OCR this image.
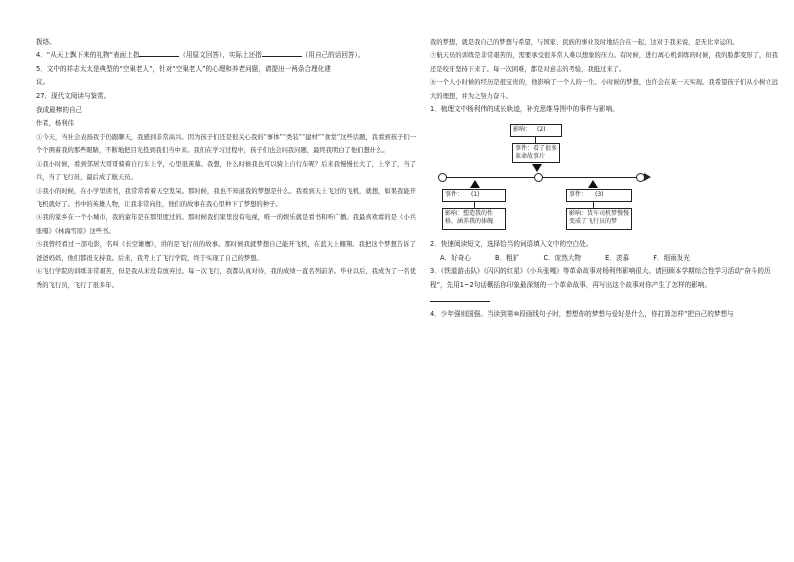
拨络。

4．“从天上飘下来的礼物”表面上指	（用原文回答），实际上还指	（用自己的话回答）。

5．文中的祥志太太是典型的“空巢老人”，针对“空巢老人”的心理和养老问题，请提出一两条合理化建

议。

27、现代文阅读与鉴赏。

我成最棒的自己

作者，杨利伟

①今天，当社会表扬我于仍跟聊天，我感到非常高兴。因为孩子们还是很关心我的“事体”“类装”“建材”“食堂”这些话题，我看到孩子们一个个围着我的那些眼睛，不断地把目光投到我们当中来。我们在学习过程中，孩子们也会问我问题，最终我明白了他们想什么。

②我小时候，看到邻居大哥哥骑着自行车上学，心里很羡慕。我想，什么时候我也可以骑上自行车呢？后来我慢慢长大了，上学了，当了兵，当了飞行员，最后成了航天员。

③我小的时候，在小学里读书，我常常看着天空发呆。那时候，我也不知道我的梦想是什么。我看到天上飞过的飞机，就想，如果我能开飞机就好了。书中的英雄人物，让我非常向往，他们的故事在我心里种下了梦想的种子。

④我的家乡在一个小城市，我的童年是在那里度过的。那时候我们家里没有电视，唯一的娱乐就是看书和听广播。我最喜欢看的是《小兵张嘎》《林海雪原》这些书。

⑤我曾经看过一部电影，名叫《长空雄鹰》，讲的是飞行员的故事。那时候我就梦想自己能开飞机，在蓝天上翱翔。我把这个梦想告诉了爸爸妈妈，他们都很支持我。后来，我考上了飞行学院，终于实现了自己的梦想。

⑥飞行学院的训练非常艰苦，但是我从来没有放弃过。每一次飞行，我都认真对待，我的成绩一直名列前茅。毕业以后，我成为了一名优秀的飞行员，飞行了很多年。

我的梦想，就是我自己的梦想与希望，与国家、民族的事业及时地结合在一起，这对于我来说，是无比幸运的。

⑦航天员的训练是非常艰苦的，需要承受很多常人难以想象的压力。有时候，进行离心机训练的时候，我的脸都变形了，但我还是咬牙坚持下来了。每一次困难，都是对意志的考验，我挺过来了。

⑧一个人小时候的经历是很宝贵的，他影响了一个人的一生。小时候的梦想，也许会在某一天实现。我希望孩子们从小树立远大的理想，并为之努力奋斗。

1．梳理文中杨利伟的成长轨迹，补充思维导图中的事件与影响。

影响： (2)
事件：看了很多革命故事片
事件： (1)
影响：塑造我的性格，涵养我的体魄
事件： (3)
影响：货车司机梦慢慢变成了飞行员的梦

2．快速阅读短文，选择恰当的词语填入文中的空白处。

A．好奇心	B．粗犷	C．庞然大物	E．羡慕	F．细雨发光

3．《铁道游击队》《闪闪的红星》《小兵张嘎》等革命故事对杨利伟影响很大。请回顾本学期综合性学习活动“奋斗的历程”，先用1~2句话概括你印象最深刻的一个革命故事，再写出这个故事对你产生了怎样的影响。

4．少年强则国强。当读到第⑩段画线句子时，想想你的梦想与爱好是什么，你打算怎样“把自己的梦想与
